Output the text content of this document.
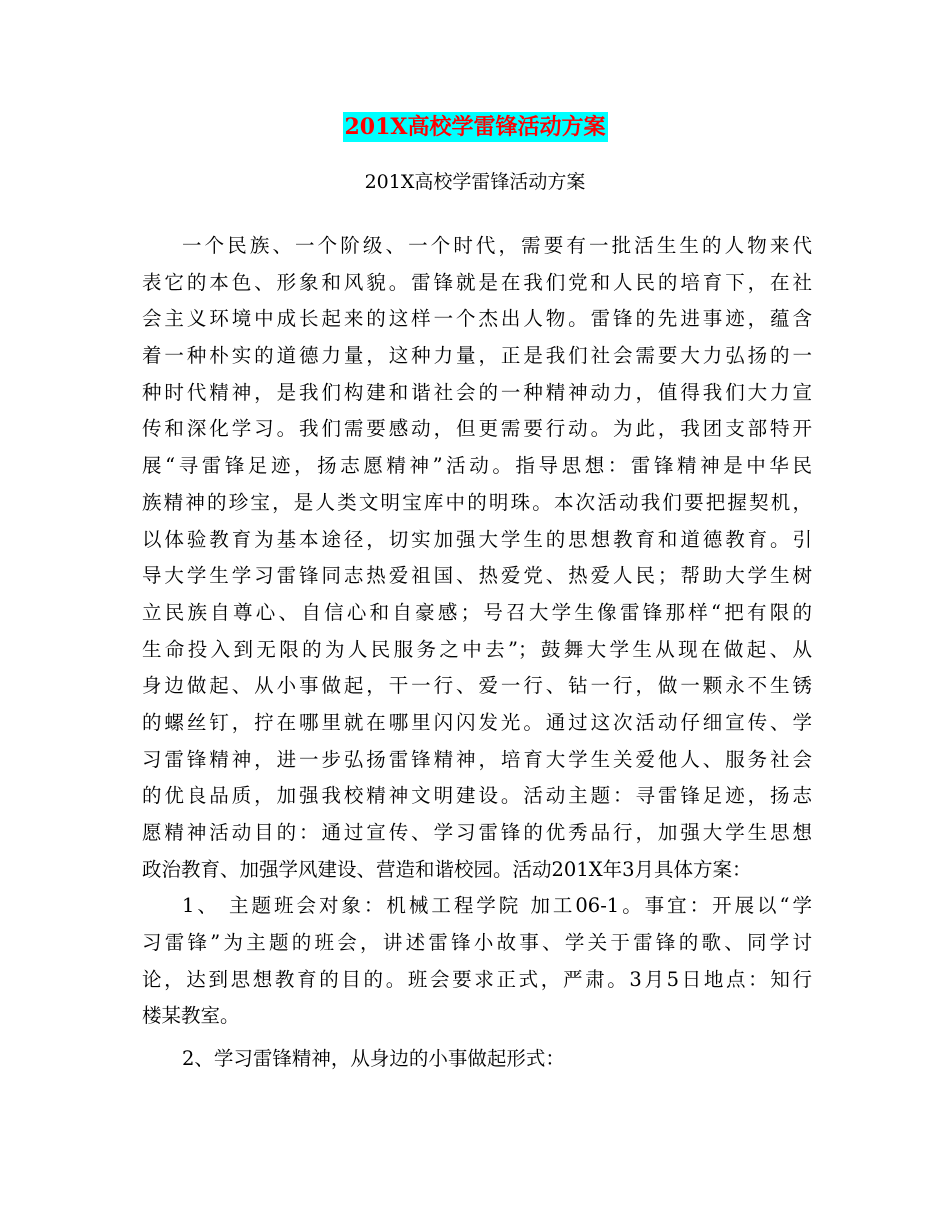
201X高校学雷锋活动方案
201X高校学雷锋活动方案
一个民族、一个阶级、一个时代，需要有一批活生生的人物来代
表它的本色、形象和风貌。雷锋就是在我们党和人民的培育下，在社
会主义环境中成长起来的这样一个杰出人物。雷锋的先进事迹，蕴含
着一种朴实的道德力量，这种力量，正是我们社会需要大力弘扬的一
种时代精神，是我们构建和谐社会的一种精神动力，值得我们大力宣
传和深化学习。我们需要感动，但更需要行动。为此，我团支部特开
展“寻雷锋足迹，扬志愿精神”活动。指导思想：雷锋精神是中华民
族精神的珍宝，是人类文明宝库中的明珠。本次活动我们要把握契机，
以体验教育为基本途径，切实加强大学生的思想教育和道德教育。引
导大学生学习雷锋同志热爱祖国、热爱党、热爱人民；帮助大学生树
立民族自尊心、自信心和自豪感；号召大学生像雷锋那样“把有限的
生命投入到无限的为人民服务之中去”；鼓舞大学生从现在做起、从
身边做起、从小事做起，干一行、爱一行、钻一行，做一颗永不生锈
的螺丝钉，拧在哪里就在哪里闪闪发光。通过这次活动仔细宣传、学
习雷锋精神，进一步弘扬雷锋精神，培育大学生关爱他人、服务社会
的优良品质，加强我校精神文明建设。活动主题：寻雷锋足迹，扬志
愿精神活动目的：通过宣传、学习雷锋的优秀品行，加强大学生思想
政治教育、加强学风建设、营造和谐校园。活动201X年3月具体方案：
1、 主题班会对象：机械工程学院 加工06-1。事宜：开展以“学
习雷锋”为主题的班会，讲述雷锋小故事、学关于雷锋的歌、同学讨
论，达到思想教育的目的。班会要求正式，严肃。3月5日地点：知行
楼某教室。
2、学习雷锋精神，从身边的小事做起形式：
